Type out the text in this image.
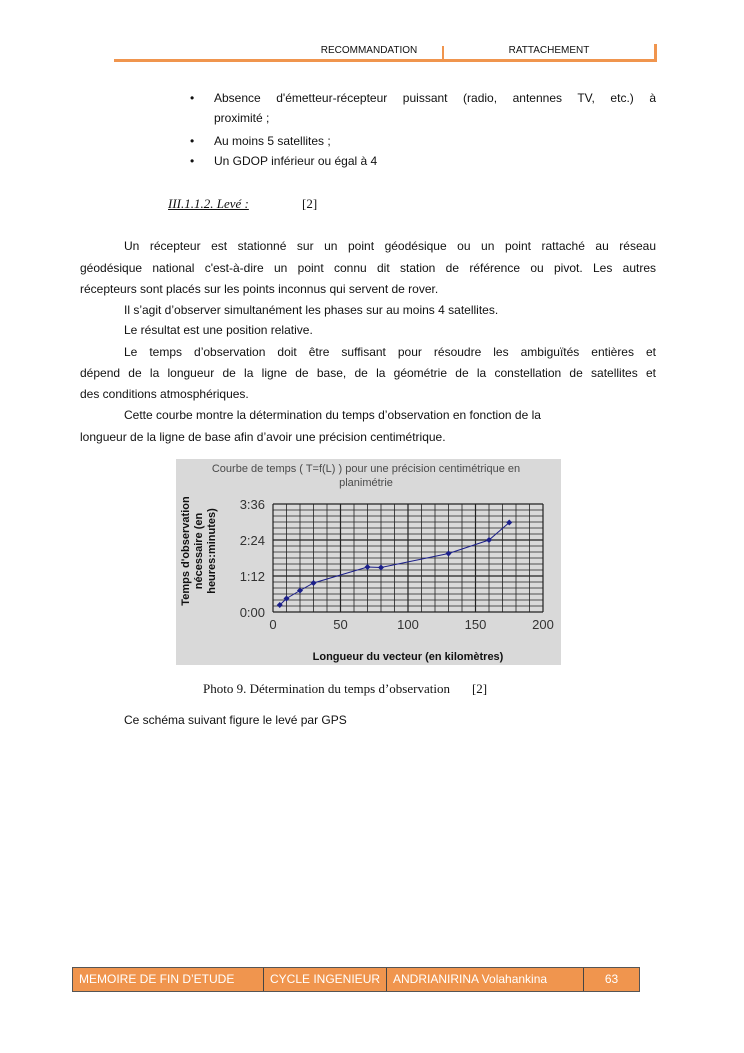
RECOMMANDATION	RATTACHEMENT
• Absence d'émetteur-récepteur puissant (radio, antennes TV, etc.) à
proximité ;
• Au moins 5 satellites ;
• Un GDOP inférieur ou égal à 4
III.1.1.2. Levé :	[2]
Un récepteur est stationné sur un point géodésique ou un point rattaché au réseau
géodésique national c'est-à-dire un point connu dit station de référence ou pivot. Les autres
récepteurs sont placés sur les points inconnus qui servent de rover.
Il s’agit d’observer simultanément les phases sur au moins 4 satellites.
Le résultat est une position relative.
Le temps d’observation doit être suffisant pour résoudre les ambiguïtés entières et
dépend de la longueur de la ligne de base, de la géométrie de la constellation de satellites et
des conditions atmosphériques.
Cette courbe montre la détermination du temps d’observation en fonction de la
longueur de la ligne de base afin d’avoir une précision centimétrique.
Courbe de temps ( T=f(L) ) pour une précision centimétrique en
planimétrie
0	50	100	150	200
0:00
1:12
2:24
3:36
Temps d'observation nécessaire (en heures:minutes)
Longueur du vecteur (en kilomètres)
Photo 9. Détermination du temps d’observation [2]
Ce schéma suivant figure le levé par GPS
MEMOIRE DE FIN D’ETUDE	CYCLE INGENIEUR	ANDRIANIRINA Volahankina	63
